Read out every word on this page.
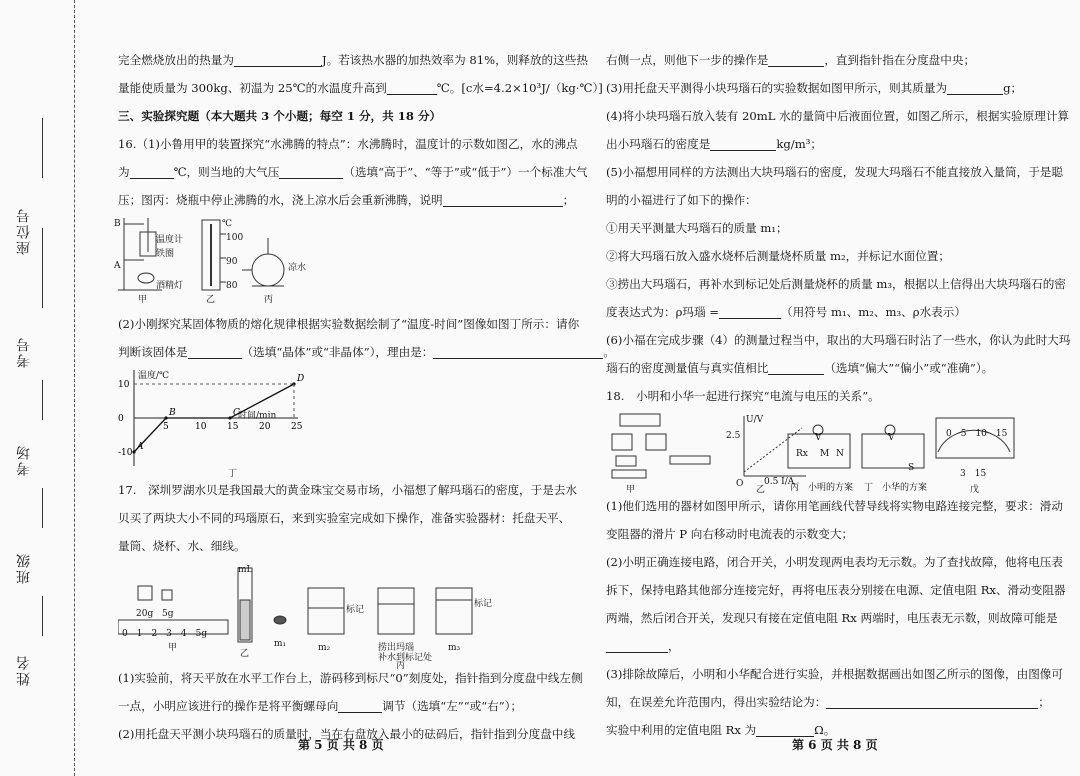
座位号
考号
考场
班级
姓名

完全燃烧放出的热量为	J。若该热水器的加热效率为 81%，则释放的这些热

量能使质量为 300kg、初温为 25℃的水温度升高到	℃。[c水=4.2×10³J/（kg·℃）]

三、实验探究题（本大题共 3 个小题；每空 1 分，共 18 分）

16.（1)小鲁用甲的装置探究“水沸腾的特点”：水沸腾时，温度计的示数如图乙，水的沸点

为	℃，则当地的大气压	（选填“高于”、“等于”或“低于”）一个标准大气

压；图丙：烧瓶中停止沸腾的水，浇上凉水后会重新沸腾，说明	；

B
A
温度计
铁圈
酒精灯
100
90
80
℃
凉水
甲	乙	丙

(2)小刚探究某固体物质的熔化规律根据实验数据绘制了“温度-时间”图像如图丁所示：请你

判断该固体是	（选填“晶体”或“非晶体”），理由是：	。

5	10 15 20 25
10
0
-10
A
B	C
D
温度/℃
时间/min
丁

17.　深圳罗湖水贝是我国最大的黄金珠宝交易市场，小福想了解玛瑙石的密度，于是去水

贝买了两块大小不同的玛瑙原石，来到实验室完成如下操作，准备实验器材：托盘天平、

量筒、烧杯、水、细线。

20g 5g
0　1　2　3　4　5g
甲
mL
乙
m₁	m₂
标记
捞出玛瑙
补水到标记处
标记
m₃
丙

(1)实验前，将天平放在水平工作台上，游码移到标尺“0”刻度处，指针指到分度盘中线左侧

一点，小明应该进行的操作是将平衡螺母向	调节（选填“左”“或“右”）；

(2)用托盘天平测小块玛瑙石的质量时，当在右盘放入最小的砝码后，指针指到分度盘中线

第 5 页 共 8 页

右侧一点，则他下一步的操作是	，直到指针指在分度盘中央；

(3)用托盘天平测得小块玛瑙石的实验数据如图甲所示，则其质量为	g；

(4)将小块玛瑙石放入装有 20mL 水的量筒中后液面位置，如图乙所示，根据实验原理计算

出小玛瑙石的密度是	kg/m³；

(5)小福想用同样的方法测出大块玛瑙石的密度，发现大玛瑙石不能直接放入量筒，于是聪

明的小福进行了如下的操作：

①用天平测量大玛瑙石的质量 m₁；

②将大玛瑙石放入盛水烧杯后测量烧杯质量 m₂，并标记水面位置；

③捞出大玛瑙石，再补水到标记处后测量烧杯的质量 m₃，根据以上信得出大块玛瑙石的密

度表达式为：ρ玛瑙 =	（用符号 m₁、m₂、m₃、ρ水表示）

(6)小福在完成步骤（4）的测量过程当中，取出的大玛瑙石时沾了一些水，你认为此时大玛

瑙石的密度测量值与真实值相比	（选填“偏大”“偏小”或“准确”）。

18.　小明和小华一起进行探究“电流与电压的关系”。

甲
U/V
2.5
0.5 I/A
O
乙
Rx M N
V	V
S
丙　小明的方案 丁　小华的方案
0　5　10　15
3　15
戊

(1)他们选用的器材如图甲所示，请你用笔画线代替导线将实物电路连接完整，要求：滑动

变阻器的滑片 P 向右移动时电流表的示数变大；

(2)小明正确连接电路，闭合开关，小明发现两电表均无示数。为了查找故障，他将电压表

拆下，保持电路其他部分连接完好，再将电压表分别接在电源、定值电阻 Rx、滑动变阻器

两端，然后闭合开关，发现只有接在定值电阻 Rx 两端时，电压表无示数，则故障可能是

，

(3)排除故障后，小明和小华配合进行实验，并根据数据画出如图乙所示的图像，由图像可

知，在误差允许范围内，得出实验结论为：	；

实验中利用的定值电阻 Rx 为	Ω。

第 6 页 共 8 页
